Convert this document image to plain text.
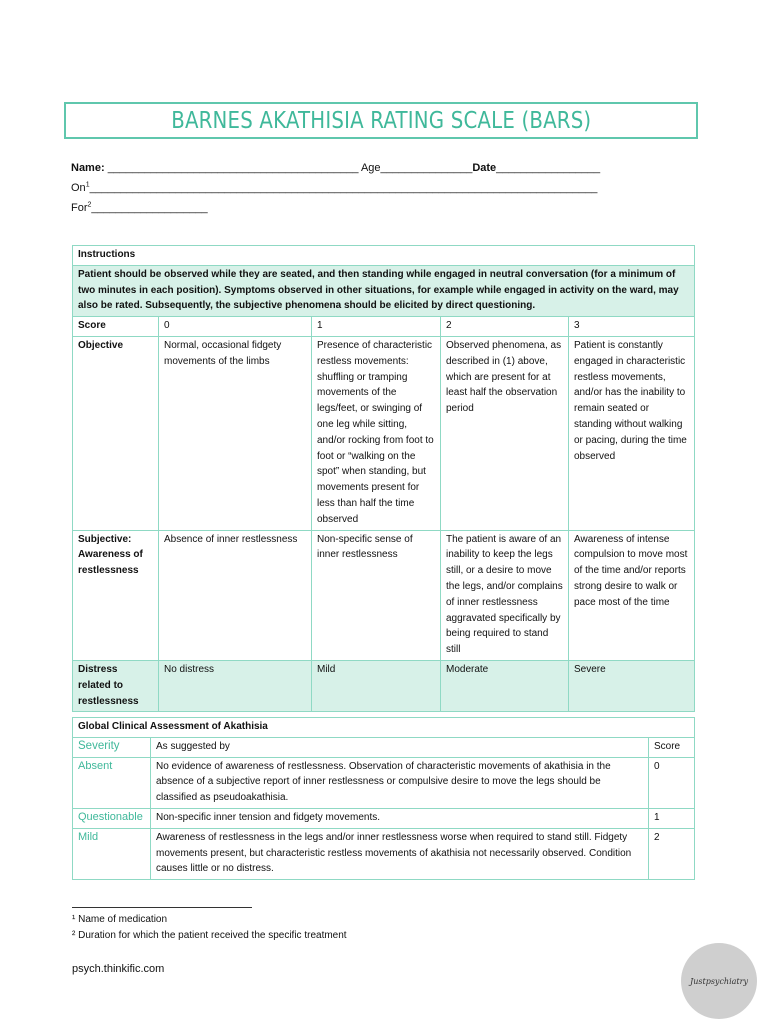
BARNES AKATHISIA RATING SCALE (BARS)
Name: _________________________________________ Age_______________Date_________________
On$^1$___________________________________________________________________________________
For$^2$___________________
Instructions				
Patient should be observed while they are seated, and then standing while engaged in neutral conversation (for a minimum of two minutes in each position). Symptoms observed in other situations, for example while engaged in activity on the ward, may also be rated. Subsequently, the subjective phenomena should be elicited by direct questioning.				
Score	0	1	2	3
Objective	Normal, occasional fidgety movements of the limbs	Presence of characteristic restless movements: shuffling or tramping movements of the legs/feet, or swinging of one leg while sitting, and/or rocking from foot to foot or “walking on the spot” when standing, but movements present for less than half the time observed	Observed phenomena, as described in (1) above, which are present for at least half the observation period	Patient is constantly engaged in characteristic restless movements, and/or has the inability to remain seated or standing without walking or pacing, during the time observed
Subjective: Awareness of restlessness	Absence of inner restlessness	Non-specific sense of inner restlessness	The patient is aware of an inability to keep the legs still, or a desire to move the legs, and/or complains of inner restlessness aggravated specifically by being required to stand still	Awareness of intense compulsion to move most of the time and/or reports strong desire to walk or pace most of the time
Distress related to restlessness	No distress	Mild	Moderate	Severe
Global Clinical Assessment of Akathisia		
Severity	As suggested by	Score
Absent	No evidence of awareness of restlessness. Observation of characteristic movements of akathisia in the absence of a subjective report of inner restlessness or compulsive desire to move the legs should be classified as pseudoakathisia.	0
Questionable	Non-specific inner tension and fidgety movements.	1
Mild	Awareness of restlessness in the legs and/or inner restlessness worse when required to stand still. Fidgety movements present, but characteristic restless movements of akathisia not necessarily observed. Condition causes little or no distress.	2
¹ Name of medication
² Duration for which the patient received the specific treatment
psych.thinkific.com
Justpsychiatry
